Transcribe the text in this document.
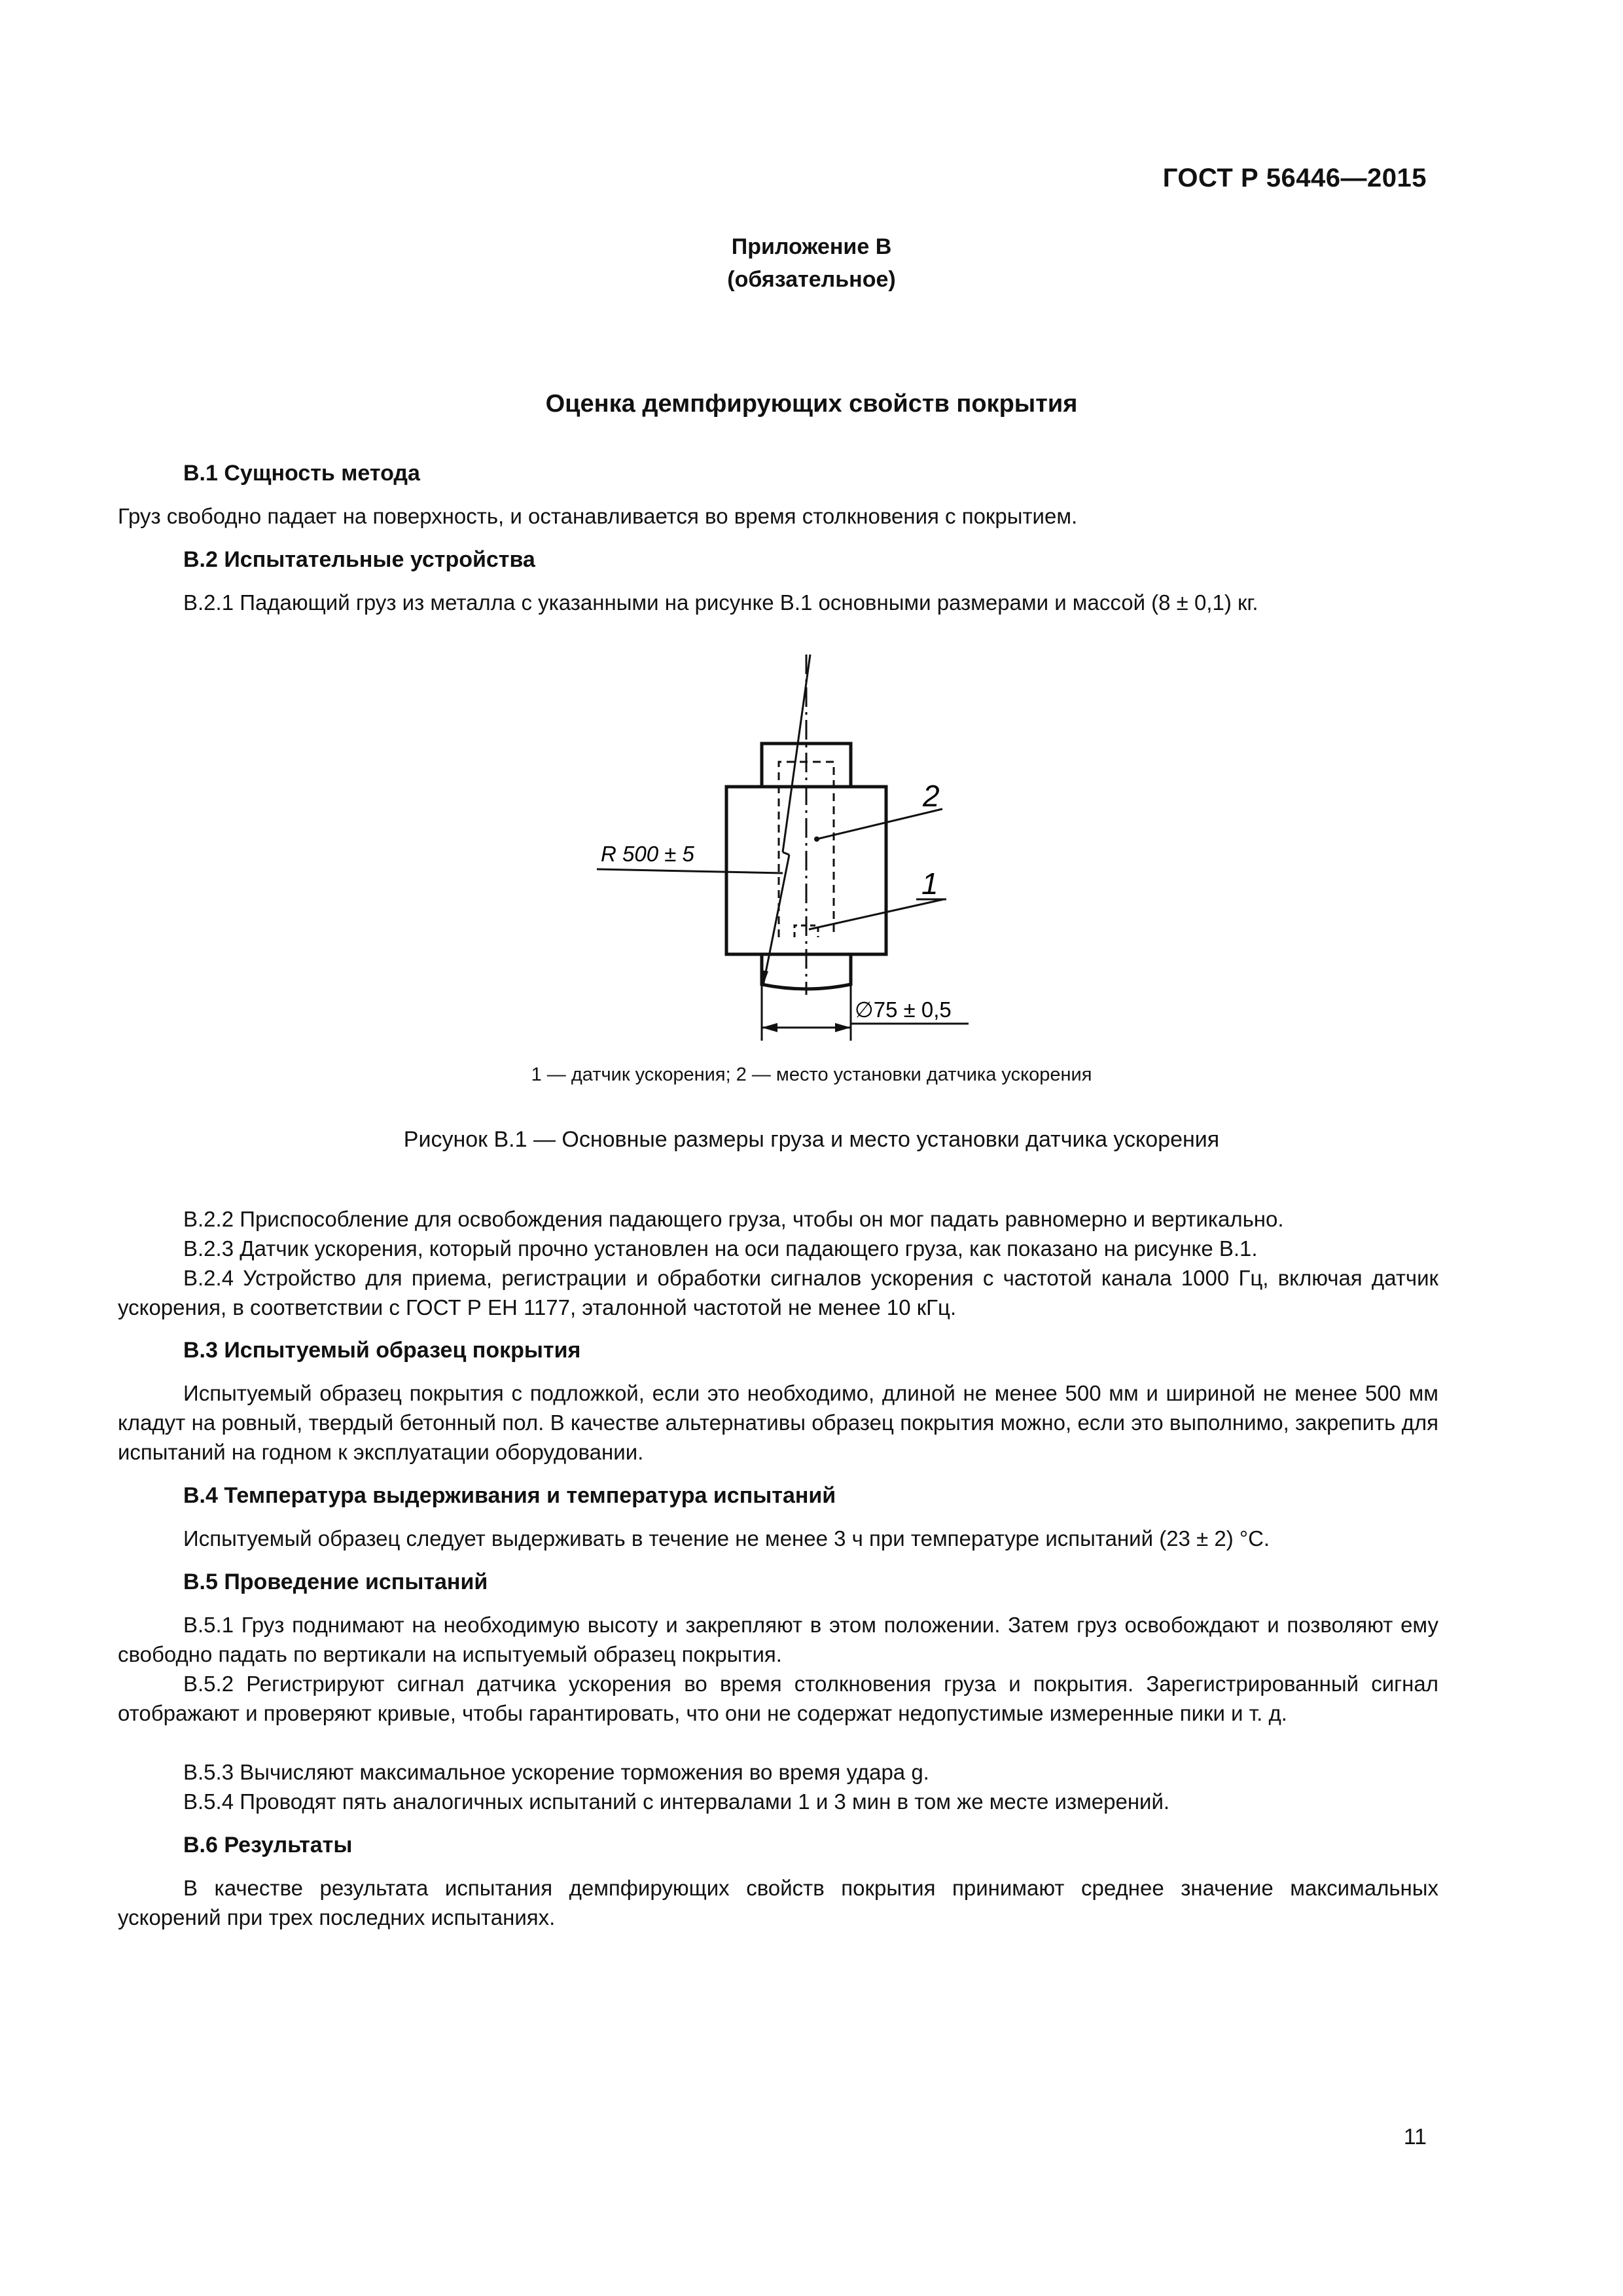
ГОСТ Р 56446—2015
Приложение В
(обязательное)
Оценка демпфирующих свойств покрытия
В.1 Сущность метода
Груз свободно падает на поверхность, и останавливается во время столкновения с покрытием.
В.2 Испытательные устройства
В.2.1 Падающий груз из металла с указанными на рисунке В.1 основными размерами и массой (8 ± 0,1) кг.
R 500 ± 5
2
1
∅75 ± 0,5
1 — датчик ускорения; 2 — место установки датчика ускорения
Рисунок В.1 — Основные размеры груза и место установки датчика ускорения
В.2.2 Приспособление для освобождения падающего груза, чтобы он мог падать равномерно и вертикально.
В.2.3 Датчик ускорения, который прочно установлен на оси падающего груза, как показано на рисунке В.1.
В.2.4 Устройство для приема, регистрации и обработки сигналов ускорения с частотой канала 1000 Гц, включая датчик ускорения, в соответствии с ГОСТ Р ЕН 1177, эталонной частотой не менее 10 кГц.
В.3 Испытуемый образец покрытия
Испытуемый образец покрытия с подложкой, если это необходимо, длиной не менее 500 мм и шириной не менее 500 мм кладут на ровный, твердый бетонный пол. В качестве альтернативы образец покрытия можно, если это выполнимо, закрепить для испытаний на годном к эксплуатации оборудовании.
В.4 Температура выдерживания и температура испытаний
Испытуемый образец следует выдерживать в течение не менее 3 ч при температуре испытаний (23 ± 2) °С.
В.5 Проведение испытаний
В.5.1 Груз поднимают на необходимую высоту и закрепляют в этом положении. Затем груз освобождают и позволяют ему свободно падать по вертикали на испытуемый образец покрытия.
В.5.2 Регистрируют сигнал датчика ускорения во время столкновения груза и покрытия. Зарегистрированный сигнал отображают и проверяют кривые, чтобы гарантировать, что они не содержат недопустимые измеренные пики и т. д.
В.5.3 Вычисляют максимальное ускорение торможения во время удара g.
В.5.4 Проводят пять аналогичных испытаний с интервалами 1 и 3 мин в том же месте измерений.
В.6 Результаты
В качестве результата испытания демпфирующих свойств покрытия принимают среднее значение максимальных ускорений при трех последних испытаниях.
11
